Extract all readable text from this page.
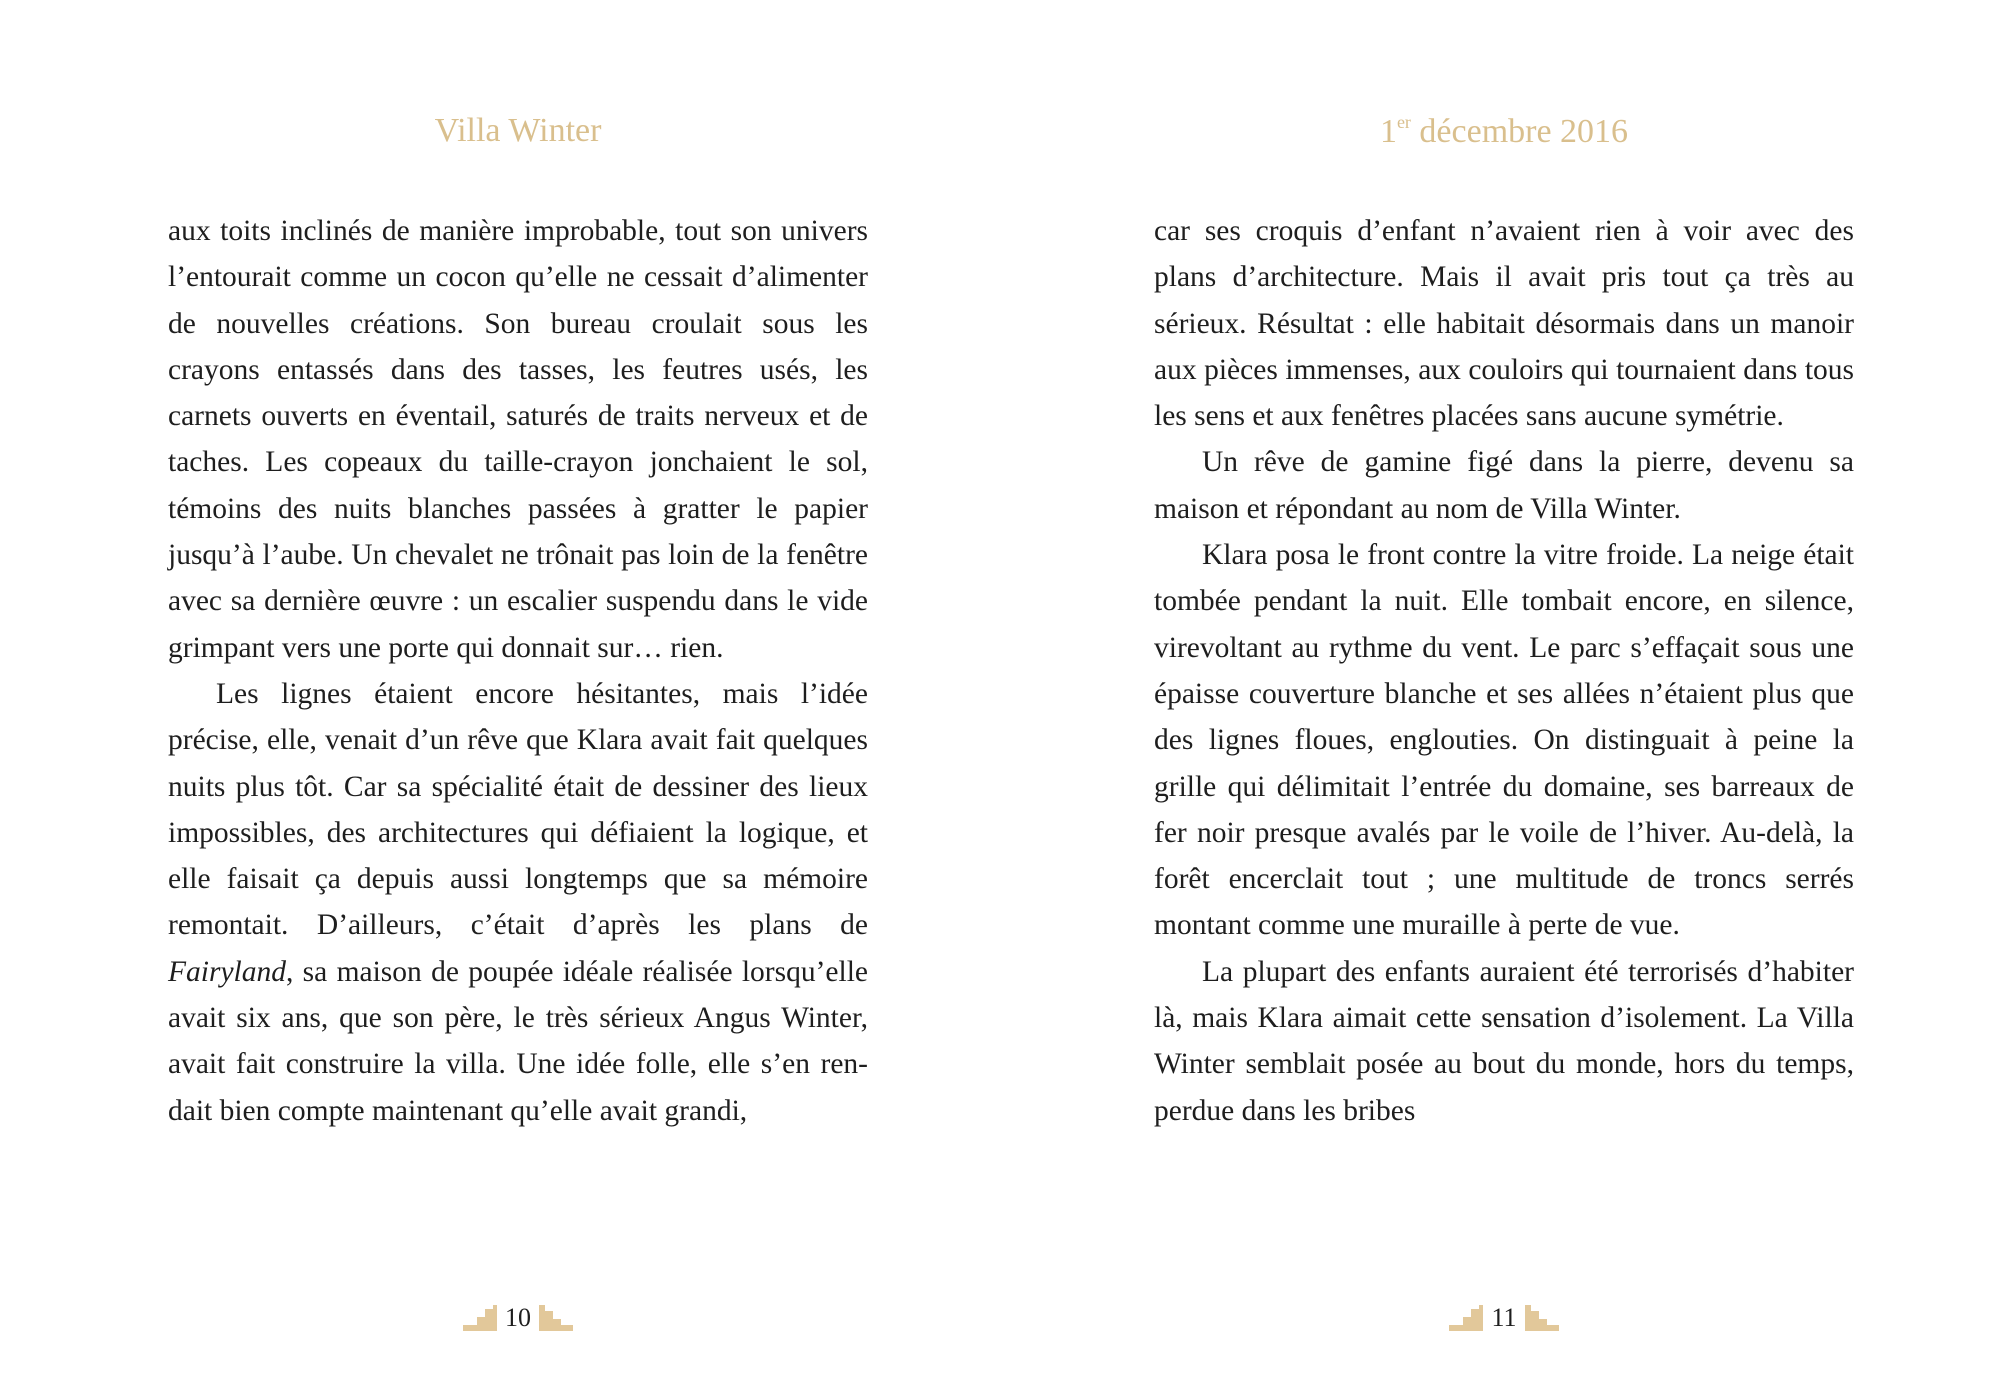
Villa Winter

aux toits inclinés de manière improbable, tout son univers l’entourait comme un cocon qu’elle ne cessait d’alimenter de nouvelles créations. Son bureau croulait sous les crayons entassés dans des tasses, les feutres usés, les carnets ouverts en éventail, saturés de traits nerveux et de taches. Les copeaux du taille-crayon jonchaient le sol, témoins des nuits blanches passées à gratter le papier jusqu’à l’aube. Un chevalet ne trônait pas loin de la fenêtre avec sa dernière œuvre : un escalier suspendu dans le vide grimpant vers une porte qui donnait sur… rien.

Les lignes étaient encore hésitantes, mais l’idée précise, elle, venait d’un rêve que Klara avait fait quelques nuits plus tôt. Car sa spécialité était de dessiner des lieux impossibles, des architectures qui défiaient la logique, et elle faisait ça depuis aussi longtemps que sa mémoire remontait. D’ailleurs, c’était d’après les plans de Fairyland, sa maison de poupée idéale réalisée lorsqu’elle avait six ans, que son père, le très sérieux Angus Winter, avait fait construire la villa. Une idée folle, elle s’en rendait bien compte maintenant qu’elle avait grandi,

10
1er décembre 2016

car ses croquis d’enfant n’avaient rien à voir avec des plans d’architecture. Mais il avait pris tout ça très au sérieux. Résultat : elle habitait désormais dans un manoir aux pièces immenses, aux couloirs qui tournaient dans tous les sens et aux fenêtres placées sans aucune symétrie.

Un rêve de gamine figé dans la pierre, devenu sa maison et répondant au nom de Villa Winter.

Klara posa le front contre la vitre froide. La neige était tombée pendant la nuit. Elle tombait encore, en silence, virevoltant au rythme du vent. Le parc s’effaçait sous une épaisse couverture blanche et ses allées n’étaient plus que des lignes floues, englouties. On distinguait à peine la grille qui délimitait l’entrée du domaine, ses barreaux de fer noir presque avalés par le voile de l’hiver. Au-delà, la forêt encerclait tout ; une multitude de troncs serrés montant comme une muraille à perte de vue.

La plupart des enfants auraient été terrorisés d’habiter là, mais Klara aimait cette sensation d’isolement. La Villa Winter semblait posée au bout du monde, hors du temps, perdue dans les bribes

11
